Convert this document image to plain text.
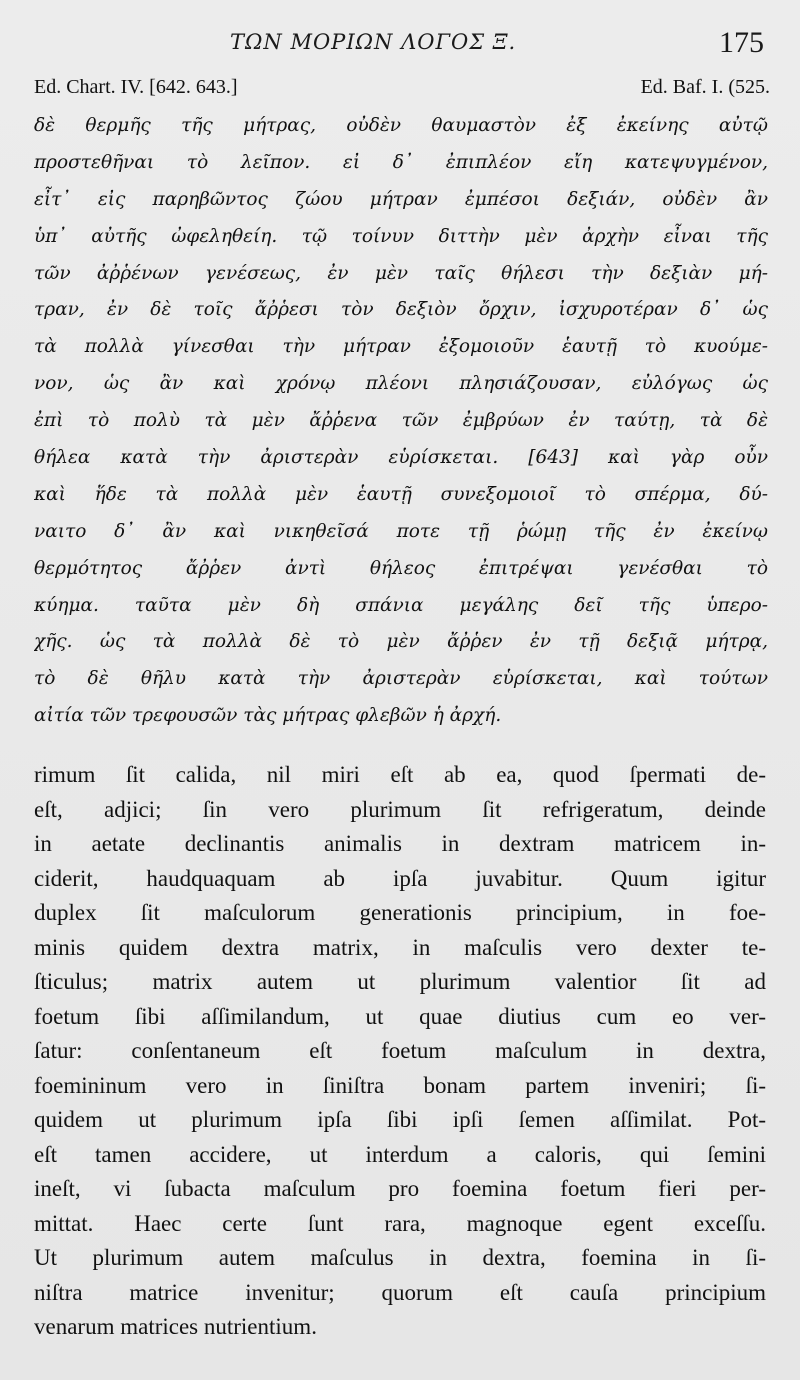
ΤΩΝ ΜΟΡΙΩΝ ΛΟΓΟΣ Ξ.	175
Ed. Chart. IV. [642. 643.]	Ed. Baf. I. (525.
δὲ θερμῆς τῆς μήτρας, οὐδὲν θαυμαστὸν ἐξ ἐκείνης αὐτῷ
προστεθῆναι τὸ λεῖπον. εἰ δ᾽ ἐπιπλέον εἴη κατεψυγμένον,
εἶτ᾽ εἰς παρηβῶντος ζώου μήτραν ἐμπέσοι δεξιάν, οὐδὲν ἂν
ὑπ᾽ αὐτῆς ὠφεληθείη. τῷ τοίνυν διττὴν μὲν ἀρχὴν εἶναι τῆς
τῶν ἀῤῥένων γενέσεως, ἐν μὲν ταῖς θήλεσι τὴν δεξιὰν μή-
τραν, ἐν δὲ τοῖς ἄῤῥεσι τὸν δεξιὸν ὄρχιν, ἰσχυροτέραν δ᾽ ὡς
τὰ πολλὰ γίνεσθαι τὴν μήτραν ἐξομοιοῦν ἑαυτῇ τὸ κυούμε-
νον, ὡς ἂν καὶ χρόνῳ πλέονι πλησιάζουσαν, εὐλόγως ὡς
ἐπὶ τὸ πολὺ τὰ μὲν ἄῤῥενα τῶν ἐμβρύων ἐν ταύτῃ, τὰ δὲ
θήλεα κατὰ τὴν ἀριστερὰν εὑρίσκεται. [643] καὶ γὰρ οὖν
καὶ ἥδε τὰ πολλὰ μὲν ἑαυτῇ συνεξομοιοῖ τὸ σπέρμα, δύ-
ναιτο δ᾽ ἂν καὶ νικηθεῖσά ποτε τῇ ῥώμῃ τῆς ἐν ἐκείνῳ
θερμότητος ἄῤῥεν ἀντὶ θήλεος ἐπιτρέψαι γενέσθαι τὸ
κύημα. ταῦτα μὲν δὴ σπάνια μεγάλης δεῖ τῆς ὑπερο-
χῆς. ὡς τὰ πολλὰ δὲ τὸ μὲν ἄῤῥεν ἐν τῇ δεξιᾷ μήτρᾳ,
τὸ δὲ θῆλυ κατὰ τὴν ἀριστερὰν εὑρίσκεται, καὶ τούτων
αἰτία τῶν τρεφουσῶν τὰς μήτρας φλεβῶν ἡ ἀρχή.
rimum ſit calida, nil miri eſt ab ea, quod ſpermati de-
eſt, adjici; ſin vero plurimum ſit refrigeratum, deinde
in aetate declinantis animalis in dextram matricem in-
ciderit, haudquaquam ab ipſa juvabitur. Quum igitur
duplex ſit maſculorum generationis principium, in foe-
minis quidem dextra matrix, in maſculis vero dexter te-
ſticulus; matrix autem ut plurimum valentior ſit ad
foetum ſibi aſſimilandum, ut quae diutius cum eo ver-
ſatur: conſentaneum eſt foetum maſculum in dextra,
foemininum vero in ſiniſtra bonam partem inveniri; ſi-
quidem ut plurimum ipſa ſibi ipſi ſemen aſſimilat. Pot-
eſt tamen accidere, ut interdum a caloris, qui ſemini
ineſt, vi ſubacta maſculum pro foemina foetum fieri per-
mittat. Haec certe ſunt rara, magnoque egent exceſſu.
Ut plurimum autem maſculus in dextra, foemina in ſi-
niſtra matrice invenitur; quorum eſt cauſa principium
venarum matrices nutrientium.
